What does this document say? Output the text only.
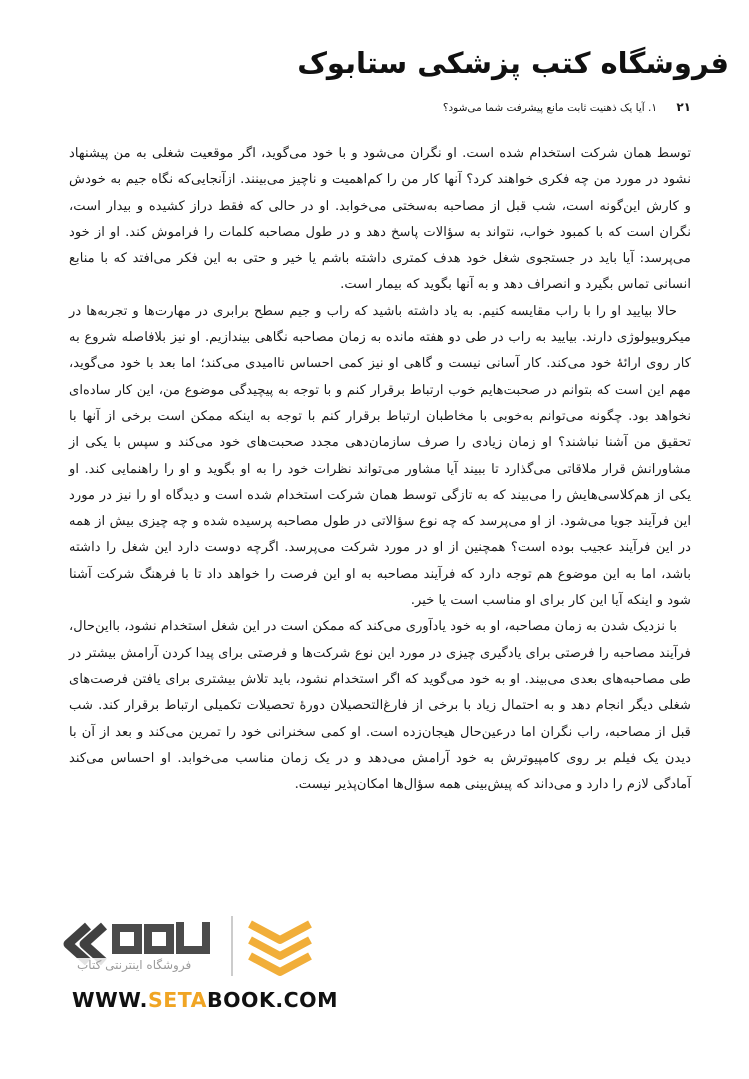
فروشگاه کتب پزشکی ستابوک
۲۱ ۱. آیا یک ذهنیت ثابت مانع پیشرفت شما می‌شود؟

توسط همان شرکت استخدام شده است. او نگران می‌شود و با خود می‌گوید، اگر موقعیت شغلی به من پیشنهاد نشود در مورد من چه فکری خواهند کرد؟ آنها کار من را کم‌اهمیت و ناچیز می‌بینند. ازآنجایی‌که نگاه جیم به خودش و کارش این‌گونه است، شب قبل از مصاحبه به‌سختی می‌خوابد. او در حالی که فقط دراز کشیده و بیدار است، نگران است که با کمبود خواب، نتواند به سؤالات پاسخ دهد و در طول مصاحبه کلمات را فراموش کند. او از خود می‌پرسد: آیا باید در جستجوی شغل خود هدف کمتری داشته باشم یا خیر و حتی به این فکر می‌افتد که با منابع انسانی تماس بگیرد و انصراف دهد و به آنها بگوید که بیمار است.

حالا بیایید او را با راب مقایسه کنیم. به یاد داشته باشید که راب و جیم سطح برابری در مهارت‌ها و تجربه‌ها در میکروبیولوژی دارند. بیایید به راب در طی دو هفته مانده به زمان مصاحبه نگاهی بیندازیم. او نیز بلافاصله شروع به کار روی ارائهٔ خود می‌کند. کار آسانی نیست و گاهی او نیز کمی احساس ناامیدی می‌کند؛ اما بعد با خود می‌گوید، مهم این است که بتوانم در صحبت‌هایم خوب ارتباط برقرار کنم و با توجه به پیچیدگی موضوع من، این کار ساده‌ای نخواهد بود. چگونه می‌توانم به‌خوبی با مخاطبان ارتباط برقرار کنم با توجه به اینکه ممکن است برخی از آنها با تحقیق من آشنا نباشند؟ او زمان زیادی را صرف سازمان‌دهی مجدد صحبت‌های خود می‌کند و سپس با یکی از مشاورانش قرار ملاقاتی می‌گذارد تا ببیند آیا مشاور می‌تواند نظرات خود را به او بگوید و او را راهنمایی کند. او یکی از هم‌کلاسی‌هایش را می‌بیند که به تازگی توسط همان شرکت استخدام شده است و دیدگاه او را نیز در مورد این فرآیند جویا می‌شود. از او می‌پرسد که چه نوع سؤالاتی در طول مصاحبه پرسیده شده و چه چیزی بیش از همه در این فرآیند عجیب بوده است؟ همچنین از او در مورد شرکت می‌پرسد. اگرچه دوست دارد این شغل را داشته باشد، اما به این موضوع هم توجه دارد که فرآیند مصاحبه به او این فرصت را خواهد داد تا با فرهنگ شرکت آشنا شود و اینکه آیا این کار برای او مناسب است یا خیر.

با نزدیک شدن به زمان مصاحبه، او به خود یادآوری می‌کند که ممکن است در این شغل استخدام نشود، بااین‌حال، فرآیند مصاحبه را فرصتی برای یادگیری چیزی در مورد این نوع شرکت‌ها و فرصتی برای پیدا کردن آرامش بیشتر در طی مصاحبه‌های بعدی می‌بیند. او به خود می‌گوید که اگر استخدام نشود، باید تلاش بیشتری برای یافتن فرصت‌های شغلی دیگر انجام دهد و به احتمال زیاد با برخی از فارغ‌التحصیلان دورهٔ تحصیلات تکمیلی ارتباط برقرار کند. شب قبل از مصاحبه، راب نگران اما درعین‌حال هیجان‌زده است. او کمی سخنرانی خود را تمرین می‌کند و بعد از آن با دیدن یک فیلم بر روی کامپیوترش به خود آرامش می‌دهد و در یک زمان مناسب می‌خوابد. او احساس می‌کند آمادگی لازم را دارد و می‌داند که پیش‌بینی همه سؤال‌ها امکان‌پذیر نیست.

فروشگاه اینترنتی کتاب
WWW.SETABOOK.COM
